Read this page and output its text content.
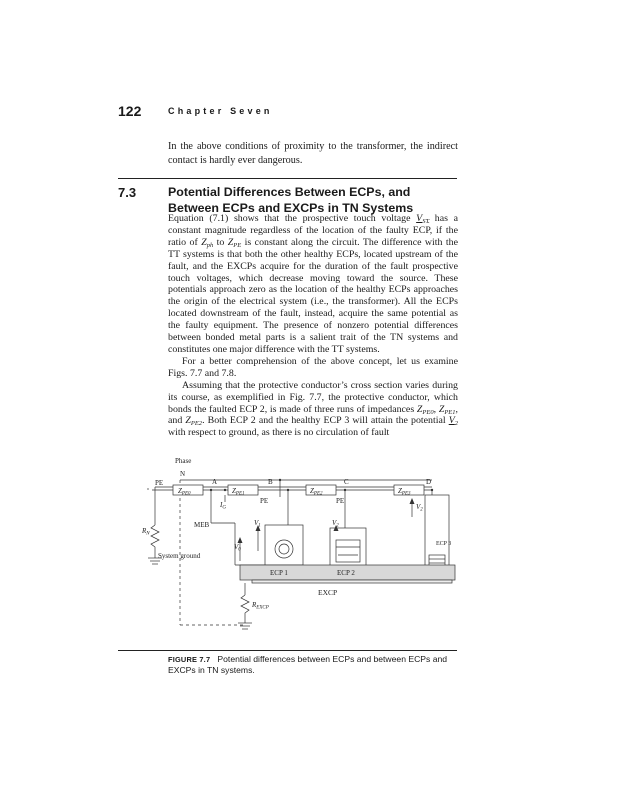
122	Chapter Seven
In the above conditions of proximity to the transformer, the indirect contact is hardly ever dangerous.
7.3	Potential Differences Between ECPs, and Between ECPs and EXCPs in TN Systems

Equation (7.1) shows that the prospective touch voltage $V_{ST}$ has a constant magnitude regardless of the location of the faulty ECP, if the ratio of $Z_{ph}$ to $Z_{PE}$ is constant along the circuit. The difference with the TT systems is that both the other healthy ECPs, located upstream of the fault, and the EXCPs acquire for the duration of the fault prospective touch voltages, which decrease moving toward the source. These potentials approach zero as the location of the healthy ECPs approaches the origin of the electrical system (i.e., the transformer). All the ECPs located downstream of the fault, instead, acquire the same potential as the faulty equipment. The presence of nonzero potential differences between bonded metal parts is a salient trait of the TN systems and constitutes one major difference with the TT systems.

For a better comprehension of the above concept, let us examine Figs. 7.7 and 7.8.

Assuming that the protective conductor’s cross section varies during its course, as exemplified in Fig. 7.7, the protective conductor, which bonds the faulted ECP 2, is made of three runs of impedances $Z_{PE0}$, $Z_{PE1}$, and $Z_{PE2}$. Both ECP 2 and the healthy ECP 3 will attain the potential $V_2$ with respect to ground, as there is no circulation of fault

Phase
N
PE
$Z_{PE0}$	$Z_{PE1}$	$Z_{PE2}$	$Z_{PE3}$
A	B	C	D
$I_G$
PE	PE
MEB	$V_1$	$V_2$
$V_2$
$V_0$
$R_N$
System ground
ECP 1	ECP 2
ECP 3
EXCP
$R_{EXCP}$
FIGURE 7.7 Potential differences between ECPs and between ECPs and EXCPs in TN systems.
